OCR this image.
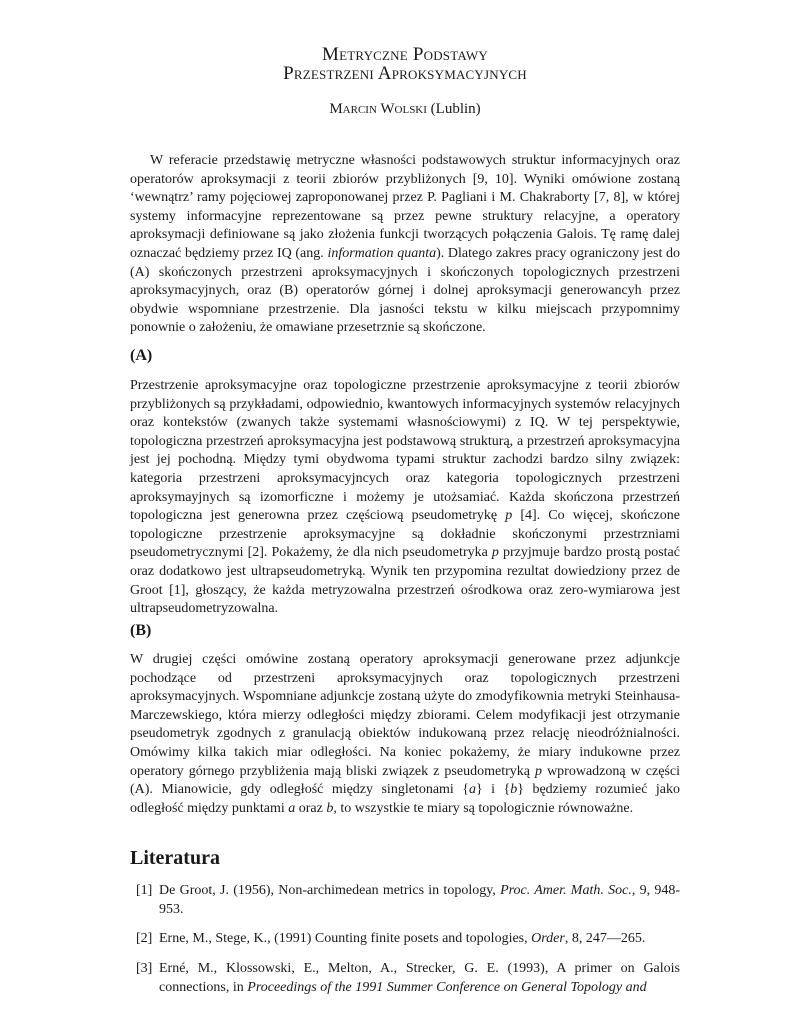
Metryczne Podstawy
Przestrzeni Aproksymacyjnych
Marcin Wolski (Lublin)

W referacie przedstawię metryczne własności podstawowych struktur informacyjnych oraz operatorów aproksymacji z teorii zbiorów przybliżonych [9, 10]. Wyniki omówione zostaną ‘wewnątrz’ ramy pojęciowej zaproponowanej przez P. Pagliani i M. Chakraborty [7, 8], w której systemy informacyjne reprezentowane są przez pewne struktury relacyjne, a operatory aproksymacji definiowane są jako złożenia funkcji tworzących połączenia Galois. Tę ramę dalej oznaczać będziemy przez IQ (ang. information quanta). Dlatego zakres pracy ograniczony jest do (A) skończonych przestrzeni aproksymacyjnych i skończonych topologicznych przestrzeni aproksymacyjnych, oraz (B) operatorów górnej i dolnej aproksymacji generowancyh przez obydwie wspomniane przestrzenie. Dla jasności tekstu w kilku miejscach przypomnimy ponownie o założeniu, że omawiane przesetrznie są skończone.

(A)

Przestrzenie aproksymacyjne oraz topologiczne przestrzenie aproksymacyjne z teorii zbiorów przybliżonych są przykładami, odpowiednio, kwantowych informacyjnych systemów relacyjnych oraz kontekstów (zwanych także systemami własnościowymi) z IQ. W tej perspektywie, topologiczna przestrzeń aproksymacyjna jest podstawową strukturą, a przestrzeń aproksymacyjna jest jej pochodną. Między tymi obydwoma typami struktur zachodzi bardzo silny związek: kategoria przestrzeni aproksymacyjncych oraz kategoria topologicznych przestrzeni aproksymayjnych są izomorficzne i możemy je utożsamiać. Każda skończona przestrzeń topologiczna jest generowna przez częściową pseudometrykę p [4]. Co więcej, skończone topologiczne przestrzenie aproksymacyjne są dokładnie skończonymi przestrzniami pseudometrycznymi [2]. Pokażemy, że dla nich pseudometryka p przyjmuje bardzo prostą postać oraz dodatkowo jest ultrapseudometryką. Wynik ten przypomina rezultat dowiedziony przez de Groot [1], głoszący, że każda metryzowalna przestrzeń ośrodkowa oraz zero-wymiarowa jest ultrapseudometryzowalna.

(B)

W drugiej części omówine zostaną operatory aproksymacji generowane przez adjunkcje pochodzące od przestrzeni aproksymacyjnych oraz topologicznych przestrzeni aproksymacyjnych. Wspomniane adjunkcje zostaną użyte do zmodyfikownia metryki Steinhausa-Marczewskiego, która mierzy odległości między zbiorami. Celem modyfikacji jest otrzymanie pseudometryk zgodnych z granulacją obiektów indukowaną przez relację nieodróżnialności. Omówimy kilka takich miar odległości. Na koniec pokażemy, że miary indukowne przez operatory górnego przybliżenia mają bliski związek z pseudometryką p wprowadzoną w części (A). Mianowicie, gdy odległość między singletonami {a} i {b} będziemy rozumieć jako odległość między punktami a oraz b, to wszystkie te miary są topologicznie równoważne.

Literatura
[1] De Groot, J. (1956), Non-archimedean metrics in topology, Proc. Amer. Math. Soc., 9, 948-953.
[2] Erne, M., Stege, K., (1991) Counting finite posets and topologies, Order, 8, 247—265.
[3] Erné, M., Klossowski, E., Melton, A., Strecker, G. E. (1993), A primer on Galois connections, in Proceedings of the 1991 Summer Conference on General Topology and
